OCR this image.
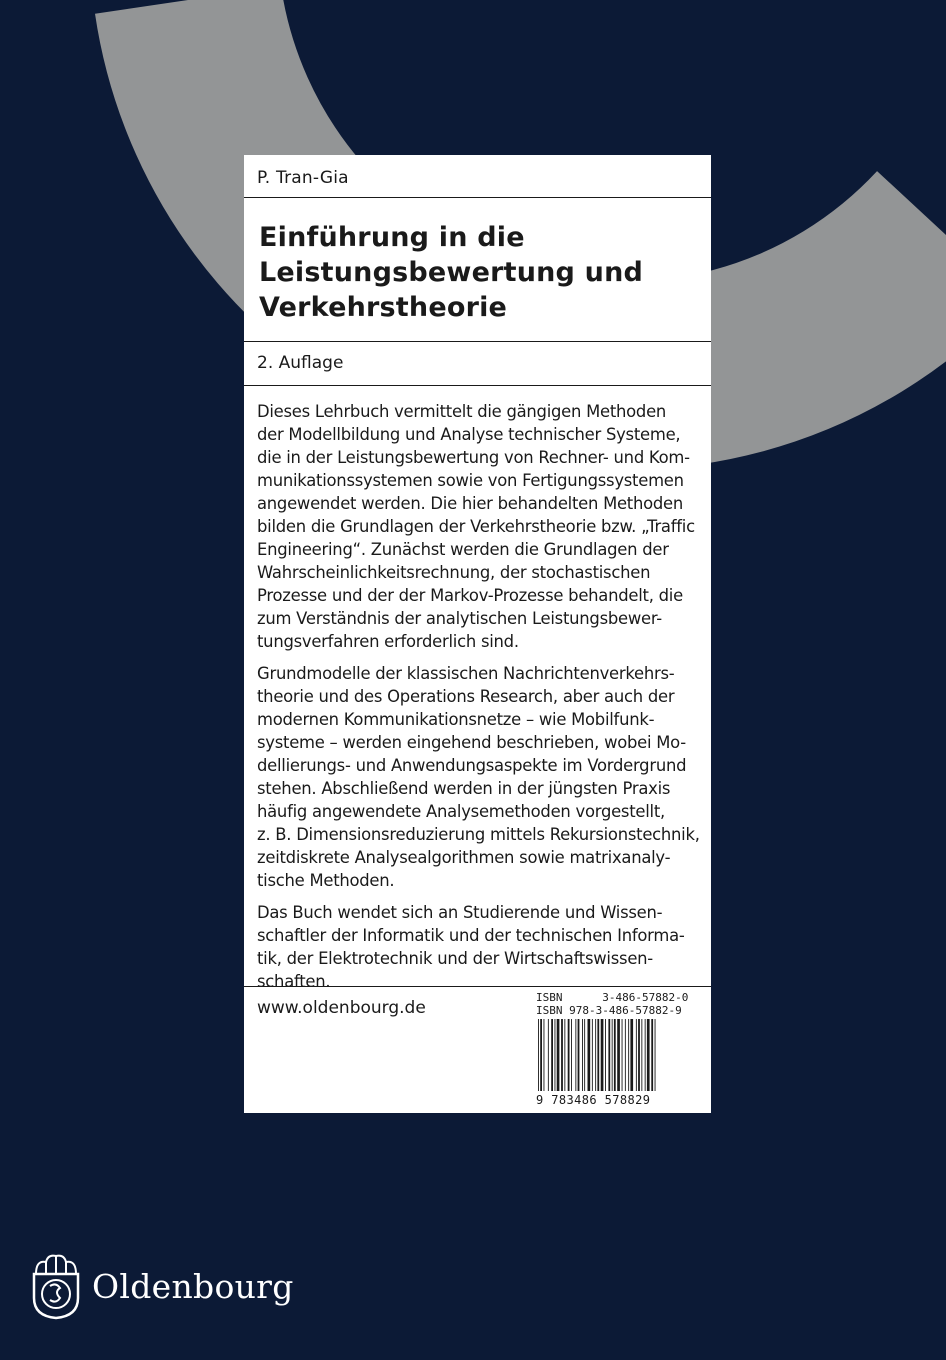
P. Tran-Gia
Einführung in die
Leistungsbewertung und
Verkehrstheorie
2. Auflage

Dieses Lehrbuch vermittelt die gängigen Methoden
der Modellbildung und Analyse technischer Systeme,
die in der Leistungsbewertung von Rechner- und Kom-
munikationssystemen sowie von Fertigungssystemen
angewendet werden. Die hier behandelten Methoden
bilden die Grundlagen der Verkehrstheorie bzw. „Traffic
Engineering“. Zunächst werden die Grundlagen der
Wahrscheinlichkeitsrechnung, der stochastischen
Prozesse und der der Markov-Prozesse behandelt, die
zum Verständnis der analytischen Leistungsbewer-
tungsverfahren erforderlich sind.

Grundmodelle der klassischen Nachrichtenverkehrs-
theorie und des Operations Research, aber auch der
modernen Kommunikationsnetze – wie Mobilfunk-
systeme – werden eingehend beschrieben, wobei Mo-
dellierungs- und Anwendungsaspekte im Vordergrund
stehen. Abschließend werden in der jüngsten Praxis
häufig angewendete Analysemethoden vorgestellt,
z. B. Dimensionsreduzierung mittels Rekursionstechnik,
zeitdiskrete Analysealgorithmen sowie matrixanaly-
tische Methoden.

Das Buch wendet sich an Studierende und Wissen-
schaftler der Informatik und der technischen Informa-
tik, der Elektrotechnik und der Wirtschaftswissen-
schaften.

www.oldenbourg.de
ISBN      3-486-57882-0
ISBN 978-3-486-57882-9
9 783486 578829
Oldenbourg
